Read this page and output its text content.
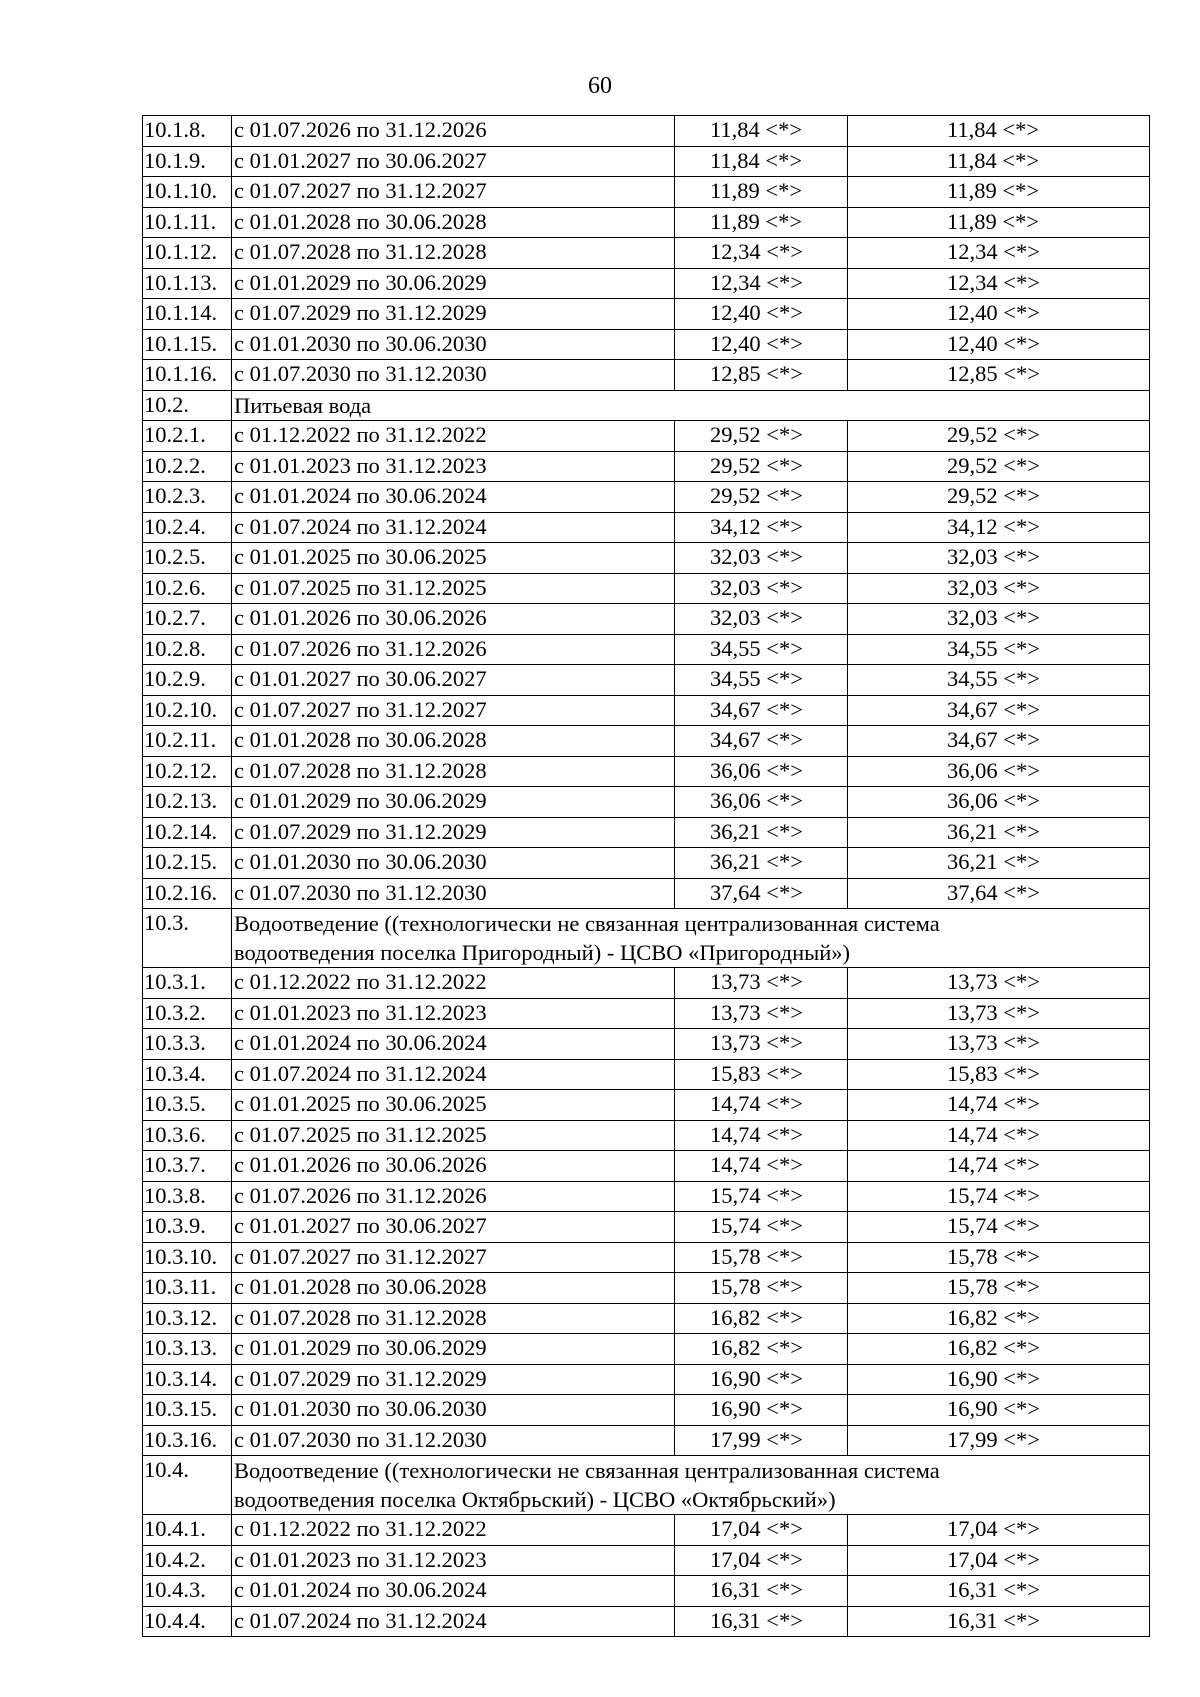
60
10.1.8.	с 01.07.2026 по 31.12.2026	11,84 <*>	11,84 <*>
10.1.9.	с 01.01.2027 по 30.06.2027	11,84 <*>	11,84 <*>
10.1.10.	с 01.07.2027 по 31.12.2027	11,89 <*>	11,89 <*>
10.1.11.	с 01.01.2028 по 30.06.2028	11,89 <*>	11,89 <*>
10.1.12.	с 01.07.2028 по 31.12.2028	12,34 <*>	12,34 <*>
10.1.13.	с 01.01.2029 по 30.06.2029	12,34 <*>	12,34 <*>
10.1.14.	с 01.07.2029 по 31.12.2029	12,40 <*>	12,40 <*>
10.1.15.	с 01.01.2030 по 30.06.2030	12,40 <*>	12,40 <*>
10.1.16.	с 01.07.2030 по 31.12.2030	12,85 <*>	12,85 <*>
10.2.	Питьевая вода		

10.2.1.	с 01.12.2022 по 31.12.2022	29,52 <*>	29,52 <*>
10.2.2.	с 01.01.2023 по 31.12.2023	29,52 <*>	29,52 <*>
10.2.3.	с 01.01.2024 по 30.06.2024	29,52 <*>	29,52 <*>
10.2.4.	с 01.07.2024 по 31.12.2024	34,12 <*>	34,12 <*>
10.2.5.	с 01.01.2025 по 30.06.2025	32,03 <*>	32,03 <*>
10.2.6.	с 01.07.2025 по 31.12.2025	32,03 <*>	32,03 <*>
10.2.7.	с 01.01.2026 по 30.06.2026	32,03 <*>	32,03 <*>
10.2.8.	с 01.07.2026 по 31.12.2026	34,55 <*>	34,55 <*>
10.2.9.	с 01.01.2027 по 30.06.2027	34,55 <*>	34,55 <*>
10.2.10.	с 01.07.2027 по 31.12.2027	34,67 <*>	34,67 <*>
10.2.11.	с 01.01.2028 по 30.06.2028	34,67 <*>	34,67 <*>
10.2.12.	с 01.07.2028 по 31.12.2028	36,06 <*>	36,06 <*>
10.2.13.	с 01.01.2029 по 30.06.2029	36,06 <*>	36,06 <*>
10.2.14.	с 01.07.2029 по 31.12.2029	36,21 <*>	36,21 <*>
10.2.15.	с 01.01.2030 по 30.06.2030	36,21 <*>	36,21 <*>
10.2.16.	с 01.07.2030 по 31.12.2030	37,64 <*>	37,64 <*>
10.3.	Водоотведение ((технологически не связанная централизованная система
водоотведения поселка Пригородный) - ЦСВО «Пригородный»)		

10.3.1.	с 01.12.2022 по 31.12.2022	13,73 <*>	13,73 <*>
10.3.2.	с 01.01.2023 по 31.12.2023	13,73 <*>	13,73 <*>
10.3.3.	с 01.01.2024 по 30.06.2024	13,73 <*>	13,73 <*>
10.3.4.	с 01.07.2024 по 31.12.2024	15,83 <*>	15,83 <*>
10.3.5.	с 01.01.2025 по 30.06.2025	14,74 <*>	14,74 <*>
10.3.6.	с 01.07.2025 по 31.12.2025	14,74 <*>	14,74 <*>
10.3.7.	с 01.01.2026 по 30.06.2026	14,74 <*>	14,74 <*>
10.3.8.	с 01.07.2026 по 31.12.2026	15,74 <*>	15,74 <*>
10.3.9.	с 01.01.2027 по 30.06.2027	15,74 <*>	15,74 <*>
10.3.10.	с 01.07.2027 по 31.12.2027	15,78 <*>	15,78 <*>
10.3.11.	с 01.01.2028 по 30.06.2028	15,78 <*>	15,78 <*>
10.3.12.	с 01.07.2028 по 31.12.2028	16,82 <*>	16,82 <*>
10.3.13.	с 01.01.2029 по 30.06.2029	16,82 <*>	16,82 <*>
10.3.14.	с 01.07.2029 по 31.12.2029	16,90 <*>	16,90 <*>
10.3.15.	с 01.01.2030 по 30.06.2030	16,90 <*>	16,90 <*>
10.3.16.	с 01.07.2030 по 31.12.2030	17,99 <*>	17,99 <*>
10.4.	Водоотведение ((технологически не связанная централизованная система
водоотведения поселка Октябрьский) - ЦСВО «Октябрьский»)		

10.4.1.	с 01.12.2022 по 31.12.2022	17,04 <*>	17,04 <*>
10.4.2.	с 01.01.2023 по 31.12.2023	17,04 <*>	17,04 <*>
10.4.3.	с 01.01.2024 по 30.06.2024	16,31 <*>	16,31 <*>
10.4.4.	с 01.07.2024 по 31.12.2024	16,31 <*>	16,31 <*>
